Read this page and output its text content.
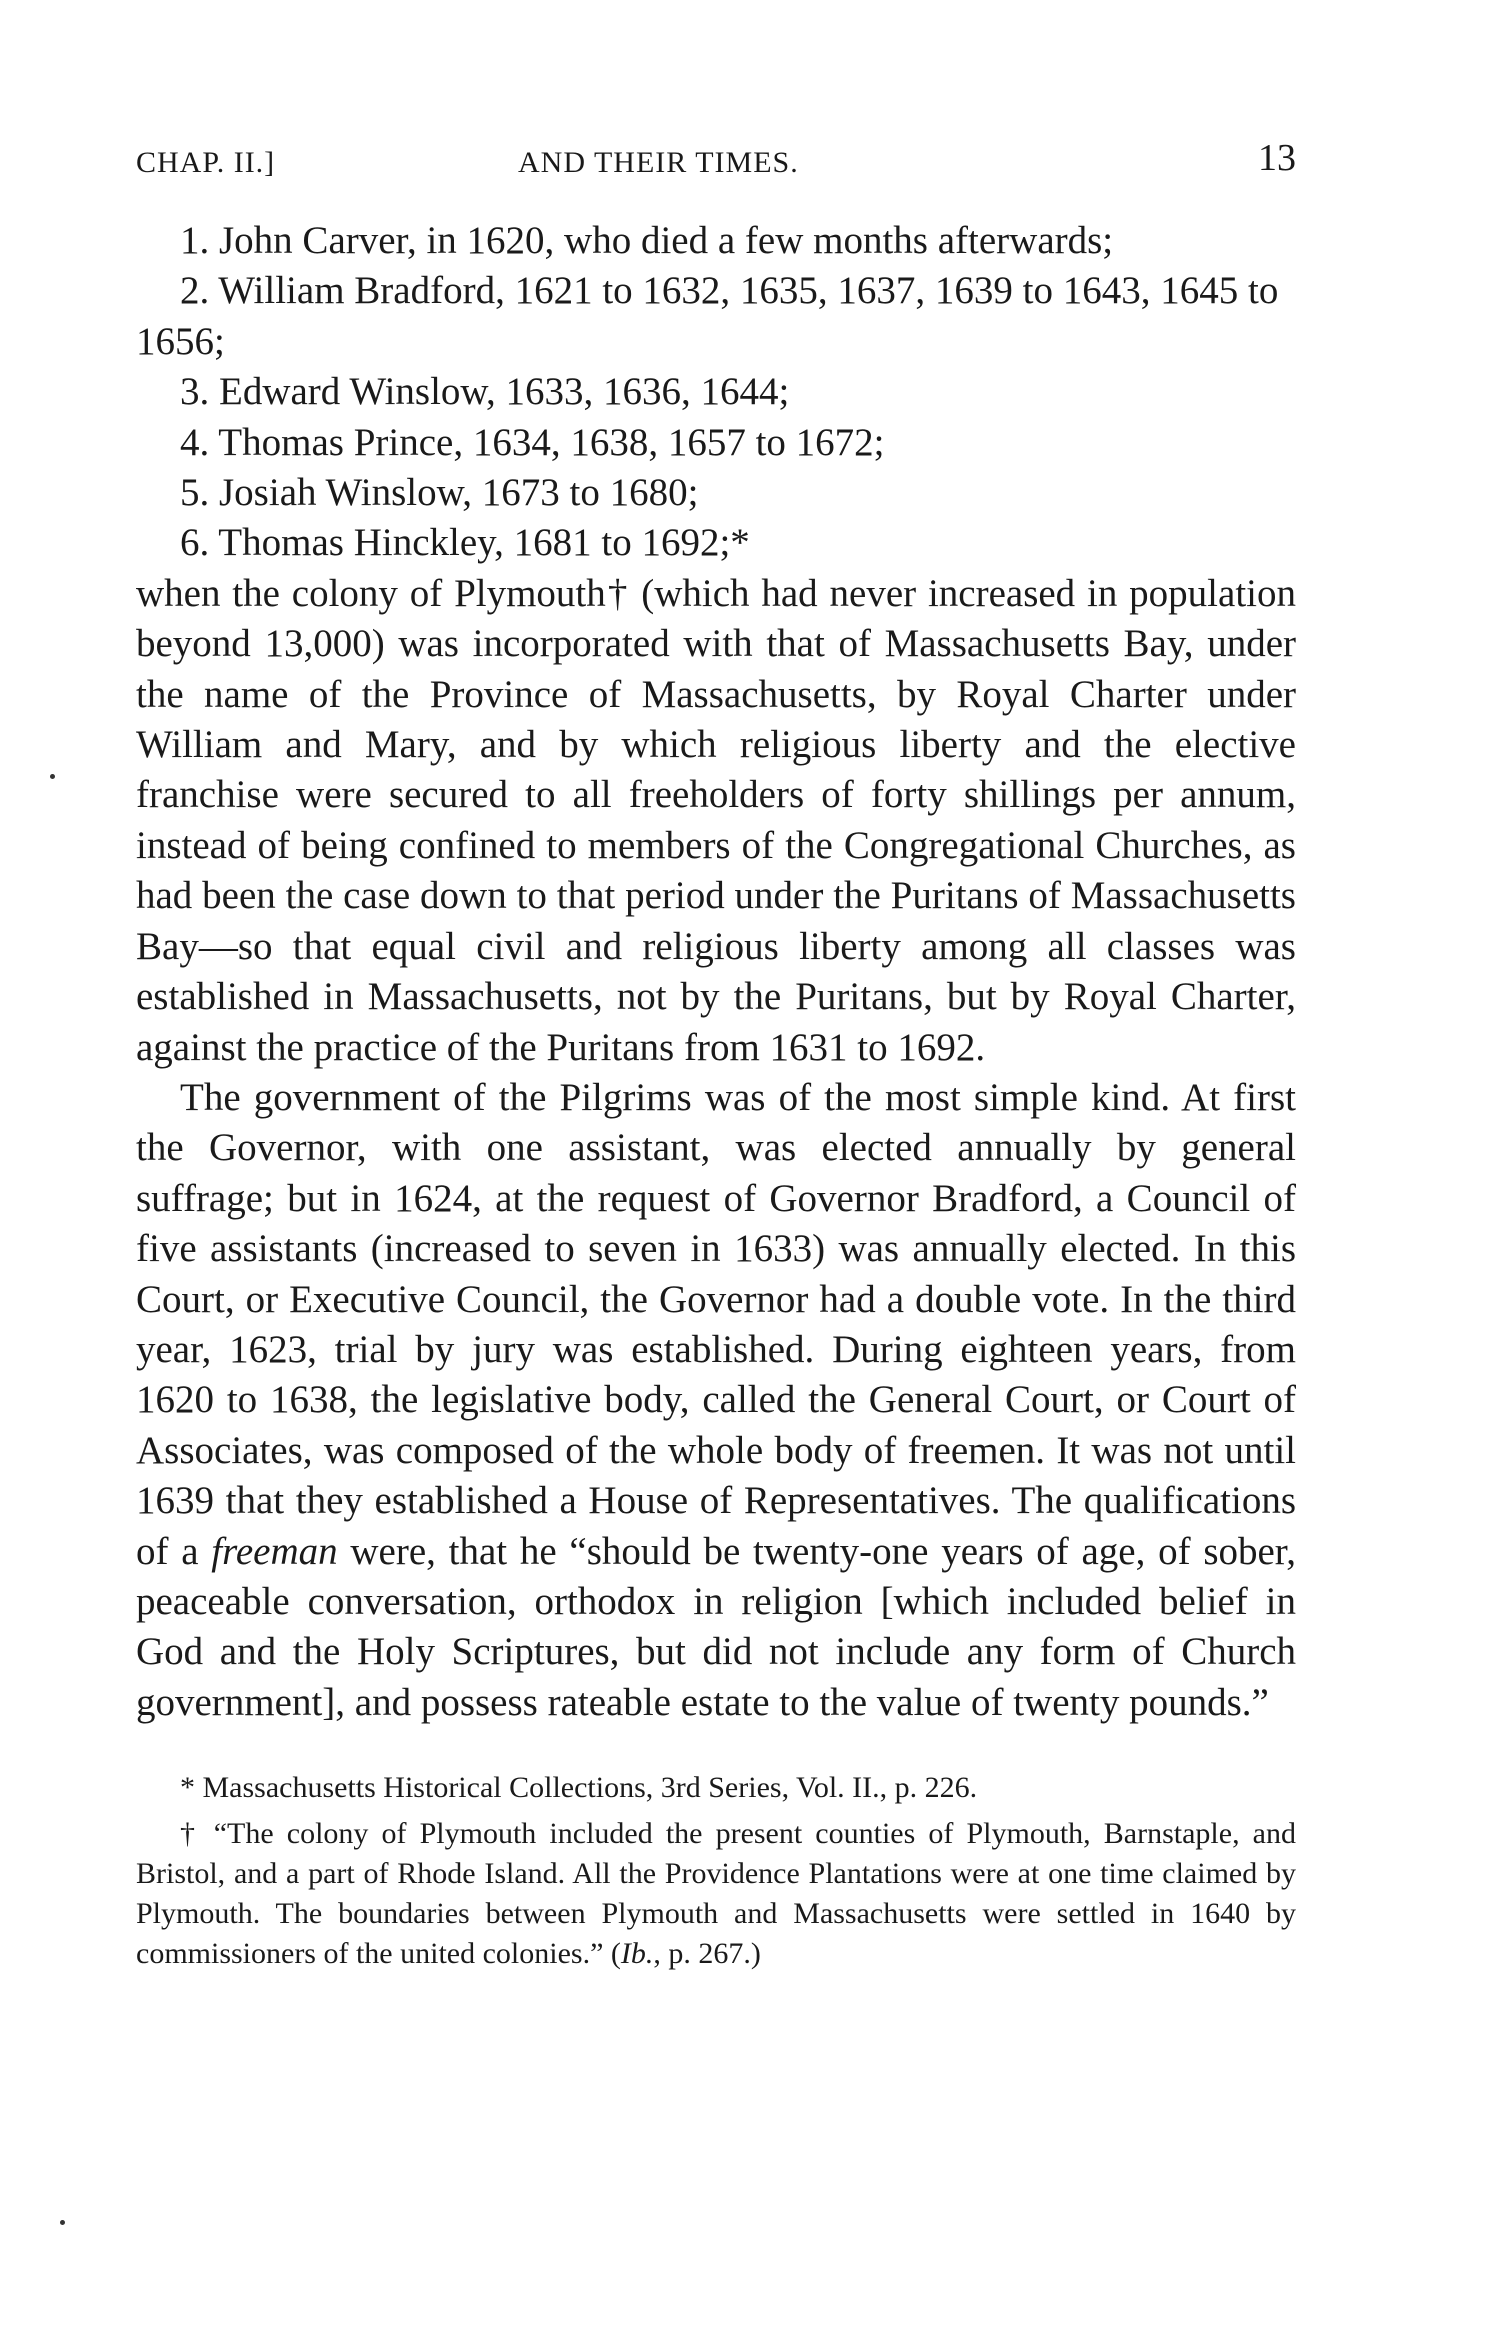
CHAP. II.]	AND THEIR TIMES.	13
1. John Carver, in 1620, who died a few months afterwards;
2. William Bradford, 1621 to 1632, 1635, 1637, 1639 to 1643, 1645 to 1656;
3. Edward Winslow, 1633, 1636, 1644;
4. Thomas Prince, 1634, 1638, 1657 to 1672;
5. Josiah Winslow, 1673 to 1680;
6. Thomas Hinckley, 1681 to 1692;*

when the colony of Plymouth† (which had never increased in population beyond 13,000) was incorporated with that of Massachusetts Bay, under the name of the Province of Massachusetts, by Royal Charter under William and Mary, and by which religious liberty and the elective franchise were secured to all freeholders of forty shillings per annum, instead of being confined to members of the Congregational Churches, as had been the case down to that period under the Puritans of Massachusetts Bay—so that equal civil and religious liberty among all classes was established in Massachusetts, not by the Puritans, but by Royal Charter, against the practice of the Puritans from 1631 to 1692.

The government of the Pilgrims was of the most simple kind. At first the Governor, with one assistant, was elected annually by general suffrage; but in 1624, at the request of Governor Bradford, a Council of five assistants (increased to seven in 1633) was annually elected. In this Court, or Executive Council, the Governor had a double vote. In the third year, 1623, trial by jury was established. During eighteen years, from 1620 to 1638, the legislative body, called the General Court, or Court of Associates, was composed of the whole body of freemen. It was not until 1639 that they established a House of Representatives. The qualifications of a freeman were, that he “should be twenty-one years of age, of sober, peaceable conversation, orthodox in religion [which included belief in God and the Holy Scriptures, but did not include any form of Church government], and possess rateable estate to the value of twenty pounds.”

* Massachusetts Historical Collections, 3rd Series, Vol. II., p. 226.

† “The colony of Plymouth included the present counties of Plymouth, Barnstaple, and Bristol, and a part of Rhode Island. All the Providence Plantations were at one time claimed by Plymouth. The boundaries between Plymouth and Massachusetts were settled in 1640 by commissioners of the united colonies.” (Ib., p. 267.)
